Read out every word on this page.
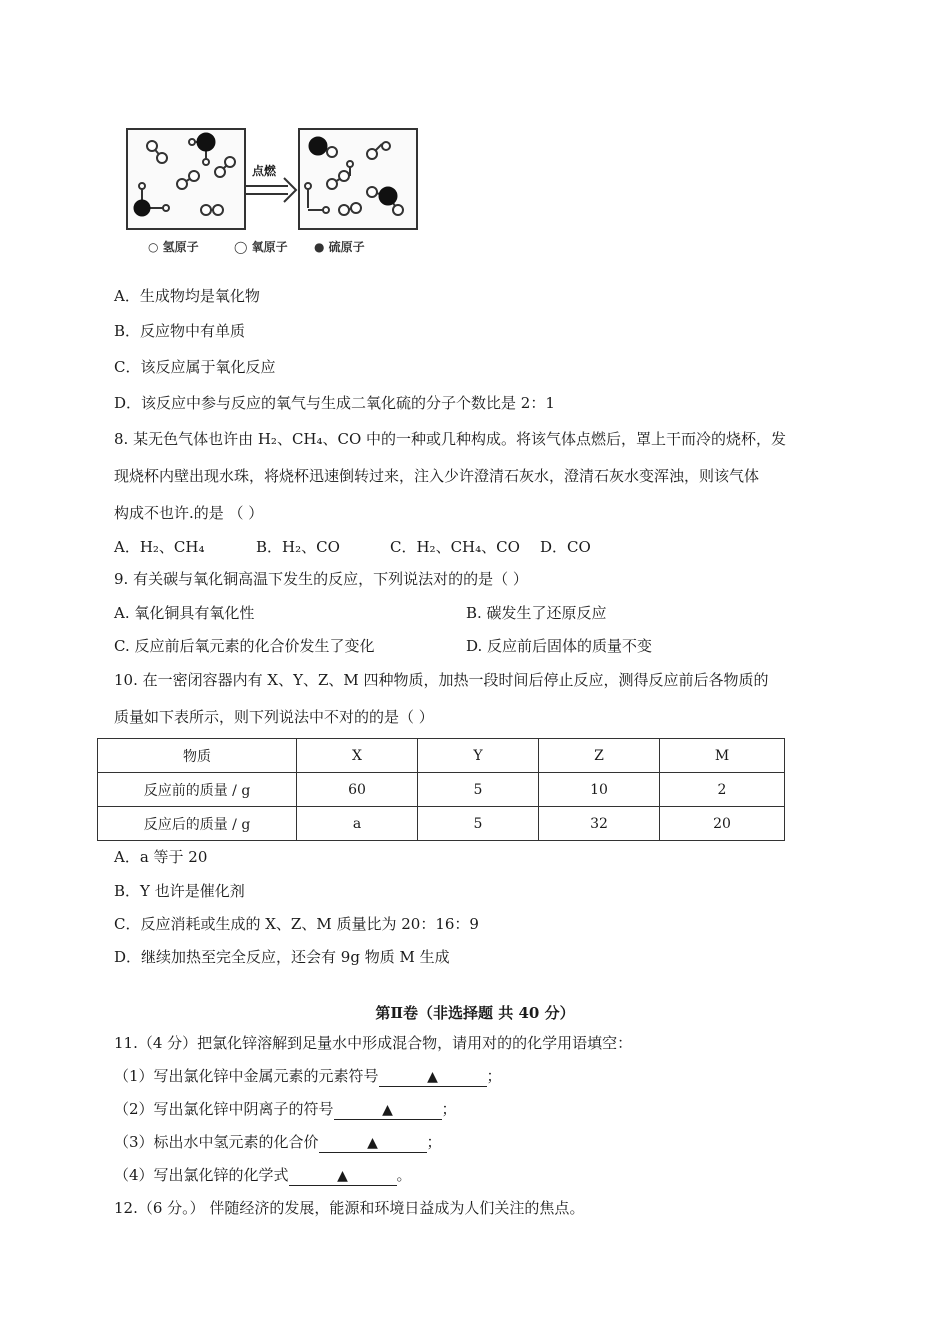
点燃
○ 氢原子	◯ 氧原子 ● 硫原子
A．生成物均是氧化物
B．反应物中有单质
C．该反应属于氧化反应
D．该反应中参与反应的氧气与生成二氧化硫的分子个数比是 2：1
8. 某无色气体也许由 H₂、CH₄、CO 中的一种或几种构成。将该气体点燃后，罩上干而冷的烧杯，发
现烧杯内壁出现水珠，将烧杯迅速倒转过来，注入少许澄清石灰水，澄清石灰水变浑浊，则该气体
构成不也许.的是 （ ）
A．H₂、CH₄	B．H₂、CO	C．H₂、CH₄、CO D．CO
9. 有关碳与氧化铜高温下发生的反应，下列说法对的的是（ ）
A. 氧化铜具有氧化性	B. 碳发生了还原反应
C. 反应前后氧元素的化合价发生了变化	D. 反应前后固体的质量不变
10. 在一密闭容器内有 X、Y、Z、M 四种物质，加热一段时间后停止反应，测得反应前后各物质的
质量如下表所示，则下列说法中不对的的是（ ）
物质	X	Y	Z	M
反应前的质量 / g	60	5	10	2
反应后的质量 / g	a	5	32	20
A．a 等于 20
B．Y 也许是催化剂
C．反应消耗或生成的 X、Z、M 质量比为 20：16：9
D．继续加热至完全反应，还会有 9g 物质 M 生成
第Ⅱ卷（非选择题 共 40 分）
11.（4 分）把氯化锌溶解到足量水中形成混合物，请用对的的化学用语填空：
（1）写出氯化锌中金属元素的元素符号	▲	；
（2）写出氯化锌中阴离子的符号	▲	；
（3）标出水中氢元素的化合价	▲	；
（4）写出氯化锌的化学式	▲	。
12.（6 分。） 伴随经济的发展，能源和环境日益成为人们关注的焦点。
